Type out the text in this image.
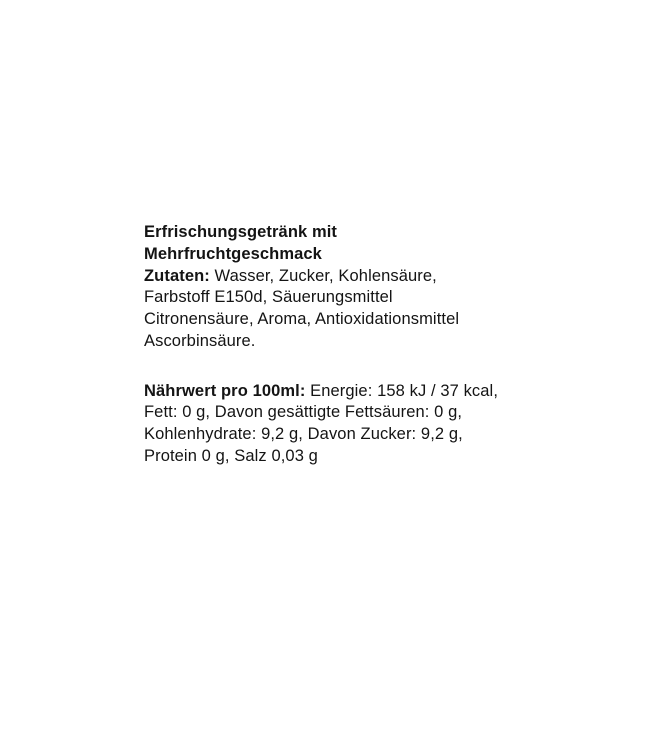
Erfrischungsgetränk mit
Mehrfruchtgeschmack

Zutaten: Wasser, Zucker, Kohlensäure, Farbstoff E150d, Säuerungsmittel Citronensäure, Aroma, Antioxidationsmittel Ascorbinsäure.

Nährwert pro 100ml: Energie: 158 kJ / 37 kcal, Fett: 0 g, Davon gesättigte Fettsäuren: 0 g, Kohlenhydrate: 9,2 g, Davon Zucker: 9,2 g, Protein 0 g, Salz 0,03 g
